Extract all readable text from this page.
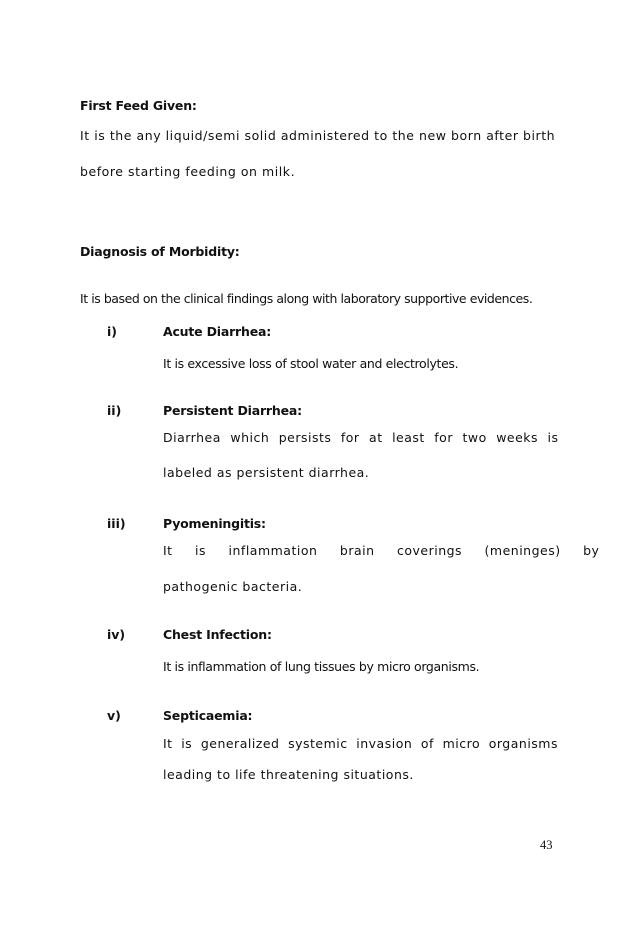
First Feed Given:
It is the any liquid/semi solid administered to the new born after birth
before starting feeding on milk.
Diagnosis of Morbidity:
It is based on the clinical findings along with laboratory supportive evidences.
i)	Acute Diarrhea:
It is excessive loss of stool water and electrolytes.
ii)	Persistent Diarrhea:
Diarrhea which persists for at least for two weeks is
labeled as persistent diarrhea.
iii)	Pyomeningitis:
It is inflammation brain coverings (meninges) by
pathogenic bacteria.
iv)	Chest Infection:
It is inflammation of lung tissues by micro organisms.
v)	Septicaemia:
It is generalized systemic invasion of micro organisms
leading to life threatening situations.
43
